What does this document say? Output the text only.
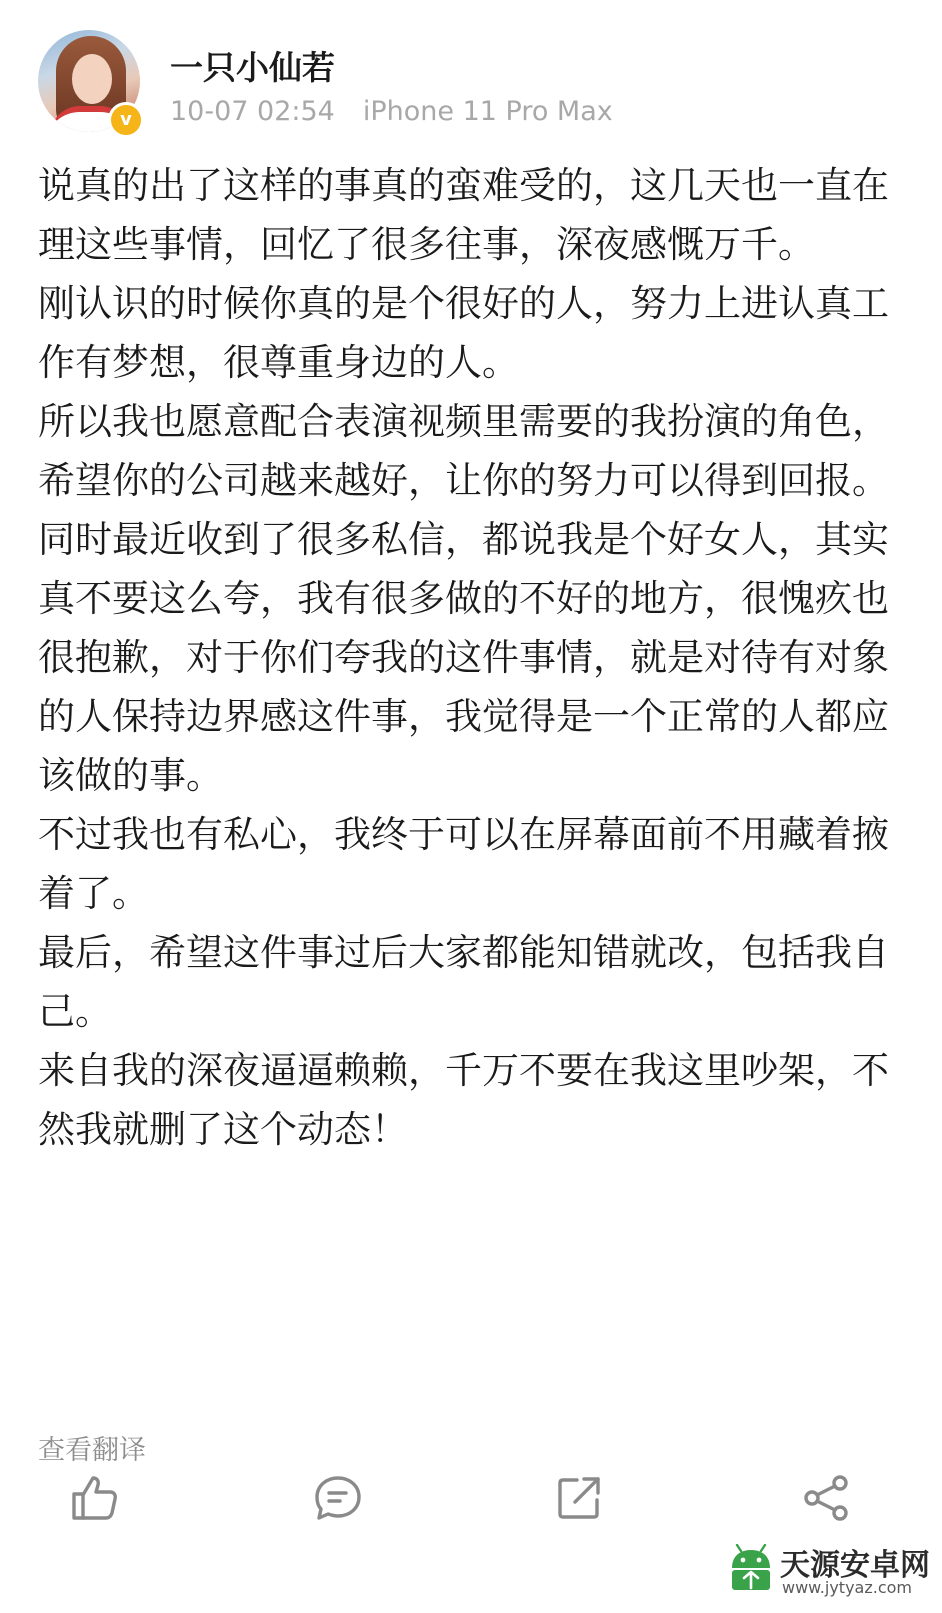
v
一只小仙若
10-07 02:54 iPhone 11 Pro Max

说真的出了这样的事真的蛮难受的，这几天也一直在理这些事情，回忆了很多往事，深夜感慨万千。

刚认识的时候你真的是个很好的人，努力上进认真工作有梦想，很尊重身边的人。

所以我也愿意配合表演视频里需要的我扮演的角色，希望你的公司越来越好，让你的努力可以得到回报。

同时最近收到了很多私信，都说我是个好女人，其实真不要这么夸，我有很多做的不好的地方，很愧疚也很抱歉，对于你们夸我的这件事情，就是对待有对象的人保持边界感这件事，我觉得是一个正常的人都应该做的事。

不过我也有私心，我终于可以在屏幕面前不用藏着掖着了。

最后，希望这件事过后大家都能知错就改，包括我自己。

来自我的深夜逼逼赖赖，千万不要在我这里吵架，不然我就删了这个动态！

查看翻译
天源安卓网
www.jytyaz.com
